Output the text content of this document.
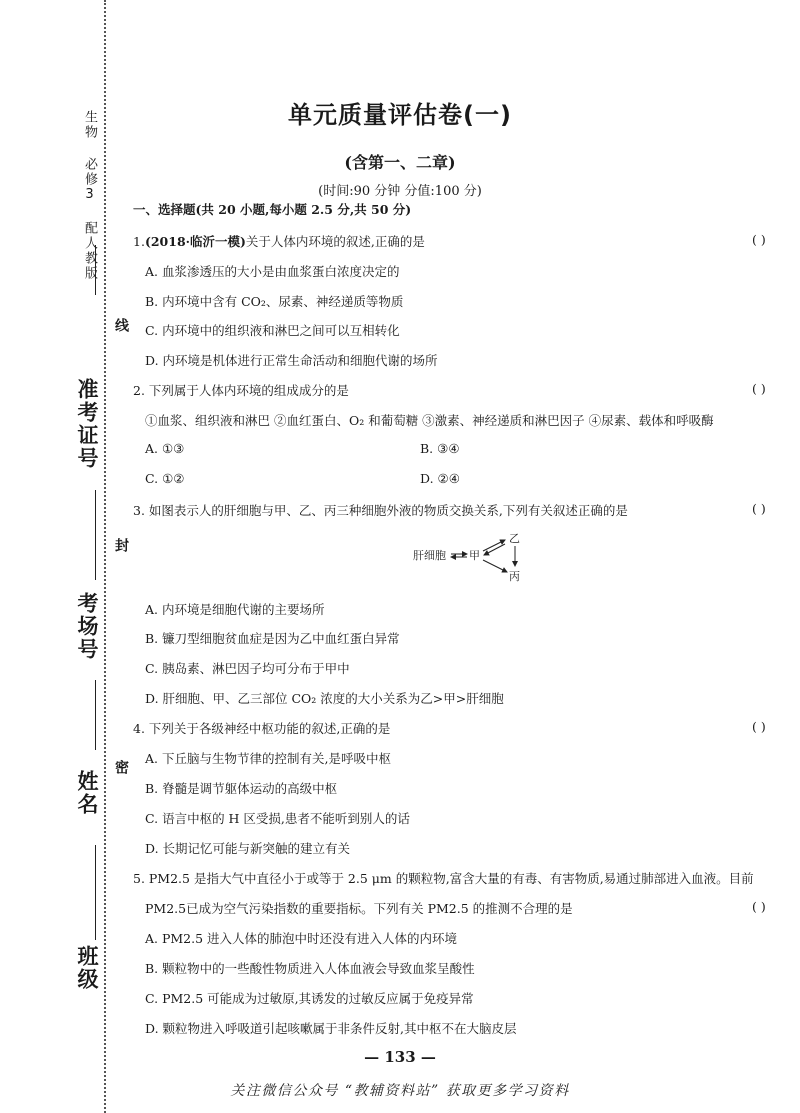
生物 必修3 配人教版
准考证号
考场号
姓名
班级
线
封
密
单元质量评估卷(一)
(含第一、二章)
(时间:90 分钟 分值:100 分)
一、选择题(共 20 小题,每小题 2.5 分,共 50 分)
1.(2018·临沂一模)关于人体内环境的叙述,正确的是	( )
A. 血浆渗透压的大小是由血浆蛋白浓度决定的
B. 内环境中含有 CO₂、尿素、神经递质等物质
C. 内环境中的组织液和淋巴之间可以互相转化
D. 内环境是机体进行正常生命活动和细胞代谢的场所
2. 下列属于人体内环境的组成成分的是	( )
①血浆、组织液和淋巴 ②血红蛋白、O₂ 和葡萄糖 ③激素、神经递质和淋巴因子 ④尿素、载体和呼吸酶
A. ①③	B. ③④
C. ①②	D. ②④
3. 如图表示人的肝细胞与甲、乙、丙三种细胞外液的物质交换关系,下列有关叙述正确的是	( )
肝细胞 甲
乙
丙
A. 内环境是细胞代谢的主要场所
B. 镰刀型细胞贫血症是因为乙中血红蛋白异常
C. 胰岛素、淋巴因子均可分布于甲中
D. 肝细胞、甲、乙三部位 CO₂ 浓度的大小关系为乙>甲>肝细胞
4. 下列关于各级神经中枢功能的叙述,正确的是	( )
A. 下丘脑与生物节律的控制有关,是呼吸中枢
B. 脊髓是调节躯体运动的高级中枢
C. 语言中枢的 H 区受损,患者不能听到别人的话
D. 长期记忆可能与新突触的建立有关
5. PM2.5 是指大气中直径小于或等于 2.5 μm 的颗粒物,富含大量的有毒、有害物质,易通过肺部进入血液。目前
PM2.5已成为空气污染指数的重要指标。下列有关 PM2.5 的推测不合理的是	( )
A. PM2.5 进入人体的肺泡中时还没有进入人体的内环境
B. 颗粒物中的一些酸性物质进入人体血液会导致血浆呈酸性
C. PM2.5 可能成为过敏原,其诱发的过敏反应属于免疫异常
D. 颗粒物进入呼吸道引起咳嗽属于非条件反射,其中枢不在大脑皮层
— 133 —
关注微信公众号 “教辅资料站” 获取更多学习资料
